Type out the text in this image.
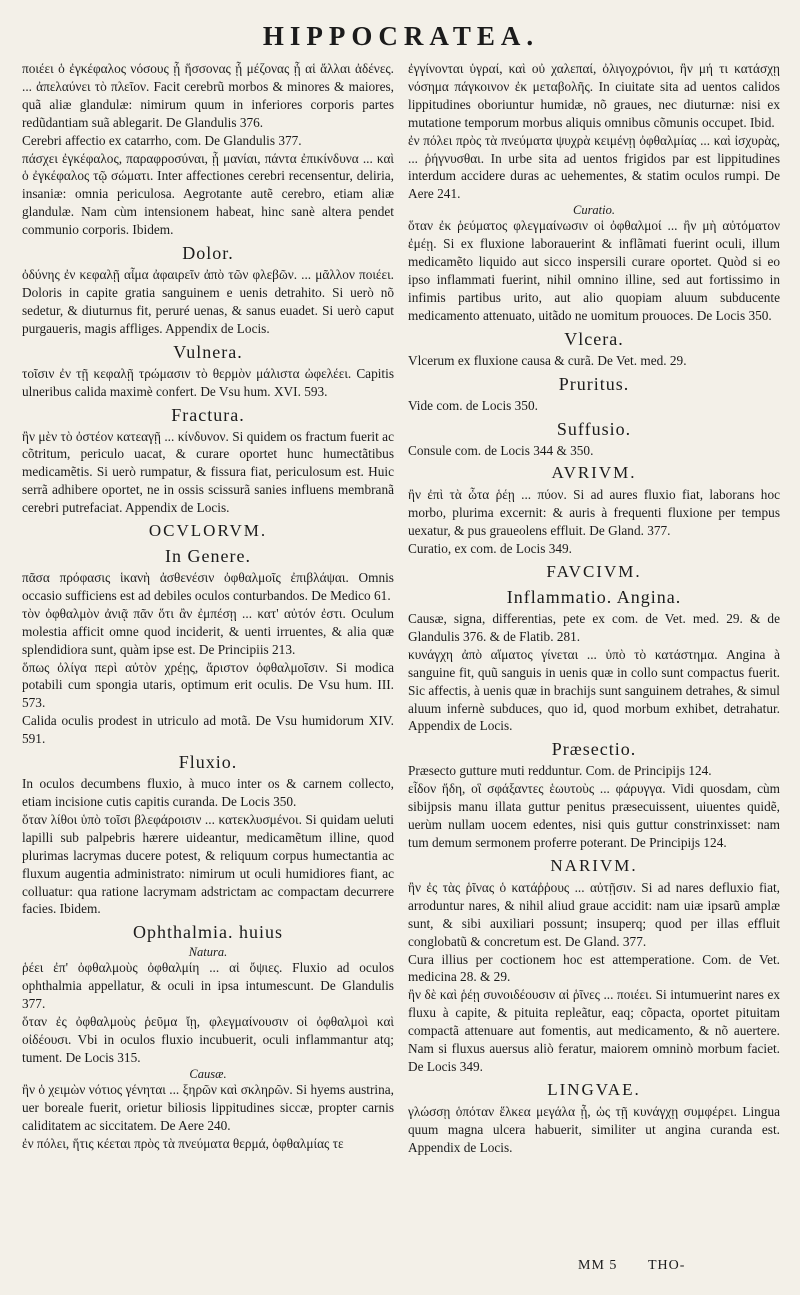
HIPPOCRATEA.

ποιέει ὁ ἐγκέφαλος νόσους ᾗ ἥσσονας ᾗ μέζονας ᾗ αἱ ἄλλαι ἀδένες. ... ἀπελαύνει τὸ πλεῖον. Facit cerebrũ morbos & minores & maiores, quã aliæ glandulæ: nimirum quum in inferiores corporis partes redũdantiam suã ablegarit. De Glandulis 376.

Cerebri affectio ex catarrho, com. De Glandulis 377.

πάσχει ἐγκέφαλος, παραφροσύναι, ᾗ μανίαι, πάντα ἐπικίνδυνα ... καὶ ὁ ἐγκέφαλος τῷ σώματι. Inter affectiones cerebri recensentur, deliria, insaniæ: omnia periculosa. Aegrotante autẽ cerebro, etiam aliæ glandulæ. Nam cùm intensionem habeat, hinc sanè altera pendet communio corporis. Ibidem.

Dolor.

ὀδύνης ἐν κεφαλῇ αἷμα ἀφαιρεῖν ἀπὸ τῶν φλεβῶν. ... μᾶλλον ποιέει. Doloris in capite gratia sanguinem e uenis detrahito. Si uerò nõ sedetur, & diuturnus fit, peruré uenas, & sanus euadet. Si uerò caput purgaueris, magis affliges. Appendix de Locis.

Vulnera.

τοῖσιν ἐν τῇ κεφαλῇ τρώμασιν τὸ θερμὸν μάλιστα ὠφελέει. Capitis ulneribus calida maximè confert. De Vsu hum. XVI. 593.

Fractura.

ἢν μὲν τὸ ὀστέον κατεαγῇ ... κίνδυνον. Si quidem os fractum fuerit ac cõtritum, periculo uacat, & curare oportet hunc humectãtibus medicamẽtis. Si uerò rumpatur, & fissura fiat, periculosum est. Huic serrã adhibere oportet, ne in ossis scissurã sanies influens membranã cerebri putrefaciat. Appendix de Locis.

OCVLORVM.
In Genere.

πᾶσα πρόφασις ἱκανὴ ἀσθενέσιν ὀφθαλμοῖς ἐπιβλάψαι. Omnis occasio sufficiens est ad debiles oculos conturbandos. De Medico 61.

τὸν ὀφθαλμὸν ἀνιᾷ πᾶν ὅτι ἂν ἐμπέσῃ ... κατ' αὐτόν ἐστι. Oculum molestia afficit omne quod inciderit, & uenti irruentes, & alia quæ splendidiora sunt, quàm ipse est. De Principiis 213.

ὅπως ὀλίγα περὶ αὐτὸν χρέῃς, ἄριστον ὀφθαλμοῖσιν. Si modica potabili cum spongia utaris, optimum erit oculis. De Vsu hum. III. 573.

Calida oculis prodest in utriculo ad motã. De Vsu humidorum XIV. 591.

Fluxio.

In oculos decumbens fluxio, à muco inter os & carnem collecto, etiam incisione cutis capitis curanda. De Locis 350.

ὅταν λίθοι ὑπὸ τοῖσι βλεφάροισιν ... κατεκλυσμένοι. Si quidam ueluti lapilli sub palpebris hærere uideantur, medicamẽtum illine, quod plurimas lacrymas ducere potest, & reliquum corpus humectantia ac fluxum augentia administrato: nimirum ut oculi humidiores fiant, ac colluatur: qua ratione lacrymam adstrictam ac compactam decurrere facies. Ibidem.

Ophthalmia. huius
Natura.

ῥέει ἐπ' ὀφθαλμοὺς ὀφθαλμίη ... αἱ ὄψιες. Fluxio ad oculos ophthalmia appellatur, & oculi in ipsa intumescunt. De Glandulis 377.

ὅταν ἐς ὀφθαλμοὺς ῥεῦμα ἴῃ, φλεγμαίνουσιν οἱ ὀφθαλμοὶ καὶ οἰδέουσι. Vbi in oculos fluxio incubuerit, oculi inflammantur atq; tument. De Locis 315.

Causæ.

ἢν ὁ χειμὼν νότιος γένηται ... ξηρῶν καὶ σκληρῶν. Si hyems austrina, uer boreale fuerit, orietur biliosis lippitudines siccæ, propter carnis caliditatem ac siccitatem. De Aere 240.

ἐν πόλει, ἥτις κέεται πρὸς τὰ πνεύματα θερμά, ὀφθαλμίας τε

ἐγγίνονται ὑγραί, καὶ οὐ χαλεπαί, ὀλιγοχρόνιοι, ἢν μή τι κατάσχῃ νόσημα πάγκοινον ἐκ μεταβολῆς. In ciuitate sita ad uentos calidos lippitudines oboriuntur humidæ, nõ graues, nec diuturnæ: nisi ex mutatione temporum morbus aliquis omnibus cõmunis occupet. Ibid.

ἐν πόλει πρὸς τὰ πνεύματα ψυχρὰ κειμένῃ ὀφθαλμίας ... καὶ ἰσχυρὰς, ... ῥήγνυσθαι. In urbe sita ad uentos frigidos par est lippitudines interdum accidere duras ac uehementes, & statim oculos rumpi. De Aere 241.

Curatio.

ὅταν ἐκ ῥεύματος φλεγμαίνωσιν οἱ ὀφθαλμοί ... ἢν μὴ αὐτόματον ἐμέῃ. Si ex fluxione laborauerint & inflãmati fuerint oculi, illum medicamẽto liquido aut sicco inspersili curare oportet. Quòd si eo ipso inflammati fuerint, nihil omnino illine, sed aut fortissimo in infimis partibus urito, aut alio quopiam aluum subducente medicamento attenuato, uitãdo ne uomitum prouoces. De Locis 350.

Vlcera.

Vlcerum ex fluxione causa & curã. De Vet. med. 29.

Pruritus.

Vide com. de Locis 350.

Suffusio.

Consule com. de Locis 344 & 350.

AVRIVM.

ἢν ἐπὶ τὰ ὦτα ῥέῃ ... πύον. Si ad aures fluxio fiat, laborans hoc morbo, plurima excernit: & auris à frequenti fluxione per tempus uexatur, & pus graueolens effluit. De Gland. 377.

Curatio, ex com. de Locis 349.

FAVCIVM.
Inflammatio. Angina.

Causæ, signa, differentias, pete ex com. de Vet. med. 29. & de Glandulis 376. & de Flatib. 281.

κυνάγχη ἀπὸ αἵματος γίνεται ... ὑπὸ τὸ κατάστημα. Angina à sanguine fit, quũ sanguis in uenis quæ in collo sunt compactus fuerit. Sic affectis, à uenis quæ in brachijs sunt sanguinem detrahes, & simul aluum infernè subduces, quo id, quod morbum exhibet, detrahatur. Appendix de Locis.

Præsectio.

Præsecto gutture muti redduntur. Com. de Principijs 124.

εἶδον ἤδη, οἳ σφάξαντες ἑωυτοὺς ... φάρυγγα. Vidi quosdam, cùm sibijpsis manu illata guttur penitus præsecuissent, uiuentes quidẽ, uerùm nullam uocem edentes, nisi quis guttur constrinxisset: nam tum demum sermonem proferre poterant. De Principijs 124.

NARIVM.

ἢν ἐς τὰς ῥῖνας ὁ κατάῤῥους ... αὐτῇσιν. Si ad nares defluxio fiat, arroduntur nares, & nihil aliud graue accidit: nam uiæ ipsarũ amplæ sunt, & sibi auxiliari possunt; insuperq; quod per illas effluit conglobatũ & concretum est. De Gland. 377.

Cura illius per coctionem hoc est attemperatione. Com. de Vet. medicina 28. & 29.

ἢν δὲ καὶ ῥέῃ συνοιδέουσιν αἱ ῥῖνες ... ποιέει. Si intumuerint nares ex fluxu à capite, & pituita repleãtur, eaq; cõpacta, oportet pituitam compactã attenuare aut fomentis, aut medicamento, & nõ auertere. Nam si fluxus auersus aliò feratur, maiorem omninò morbum faciet. De Locis 349.

LINGVAE.

γλώσσῃ ὁπόταν ἕλκεα μεγάλα ᾖ, ὡς τῇ κυνάγχῃ συμφέρει. Lingua quum magna ulcera habuerit, similiter ut angina curanda est. Appendix de Locis.

MM 5 THO-
